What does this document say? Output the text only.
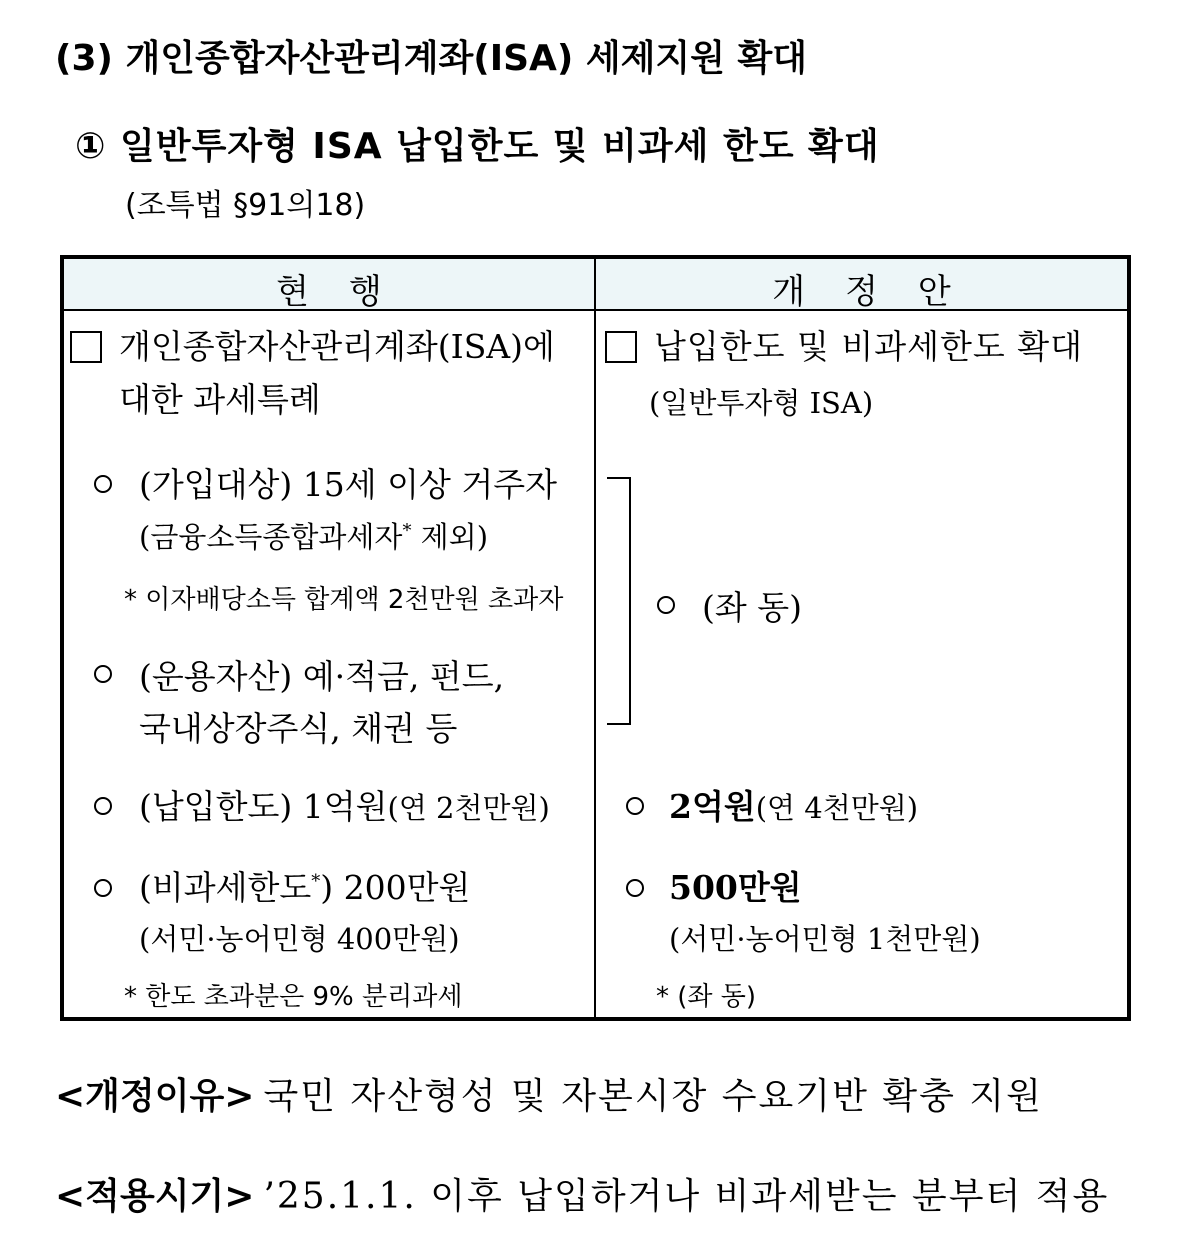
(3) 개인종합자산관리계좌(ISA) 세제지원 확대
① 일반투자형 ISA 납입한도 및 비과세 한도 확대
(조특법 §91의18)
현행	개정안
개인종합자산관리계좌(ISA)에
대한 과세특례
(가입대상) 15세 이상 거주자
(금융소득종합과세자* 제외)
* 이자배당소득 합계액 2천만원 초과자
(운용자산) 예·적금, 펀드,
국내상장주식, 채권 등
(납입한도) 1억원(연 2천만원)
(비과세한도*) 200만원
(서민·농어민형 400만원)
* 한도 초과분은 9% 분리과세
납입한도 및 비과세한도 확대
(일반투자형 ISA)
(좌 동)
2억원(연 4천만원)
500만원
(서민·농어민형 1천만원)
* (좌 동)
<개정이유> 국민 자산형성 및 자본시장 수요기반 확충 지원
<적용시기> ’25.1.1. 이후 납입하거나 비과세받는 분부터 적용
